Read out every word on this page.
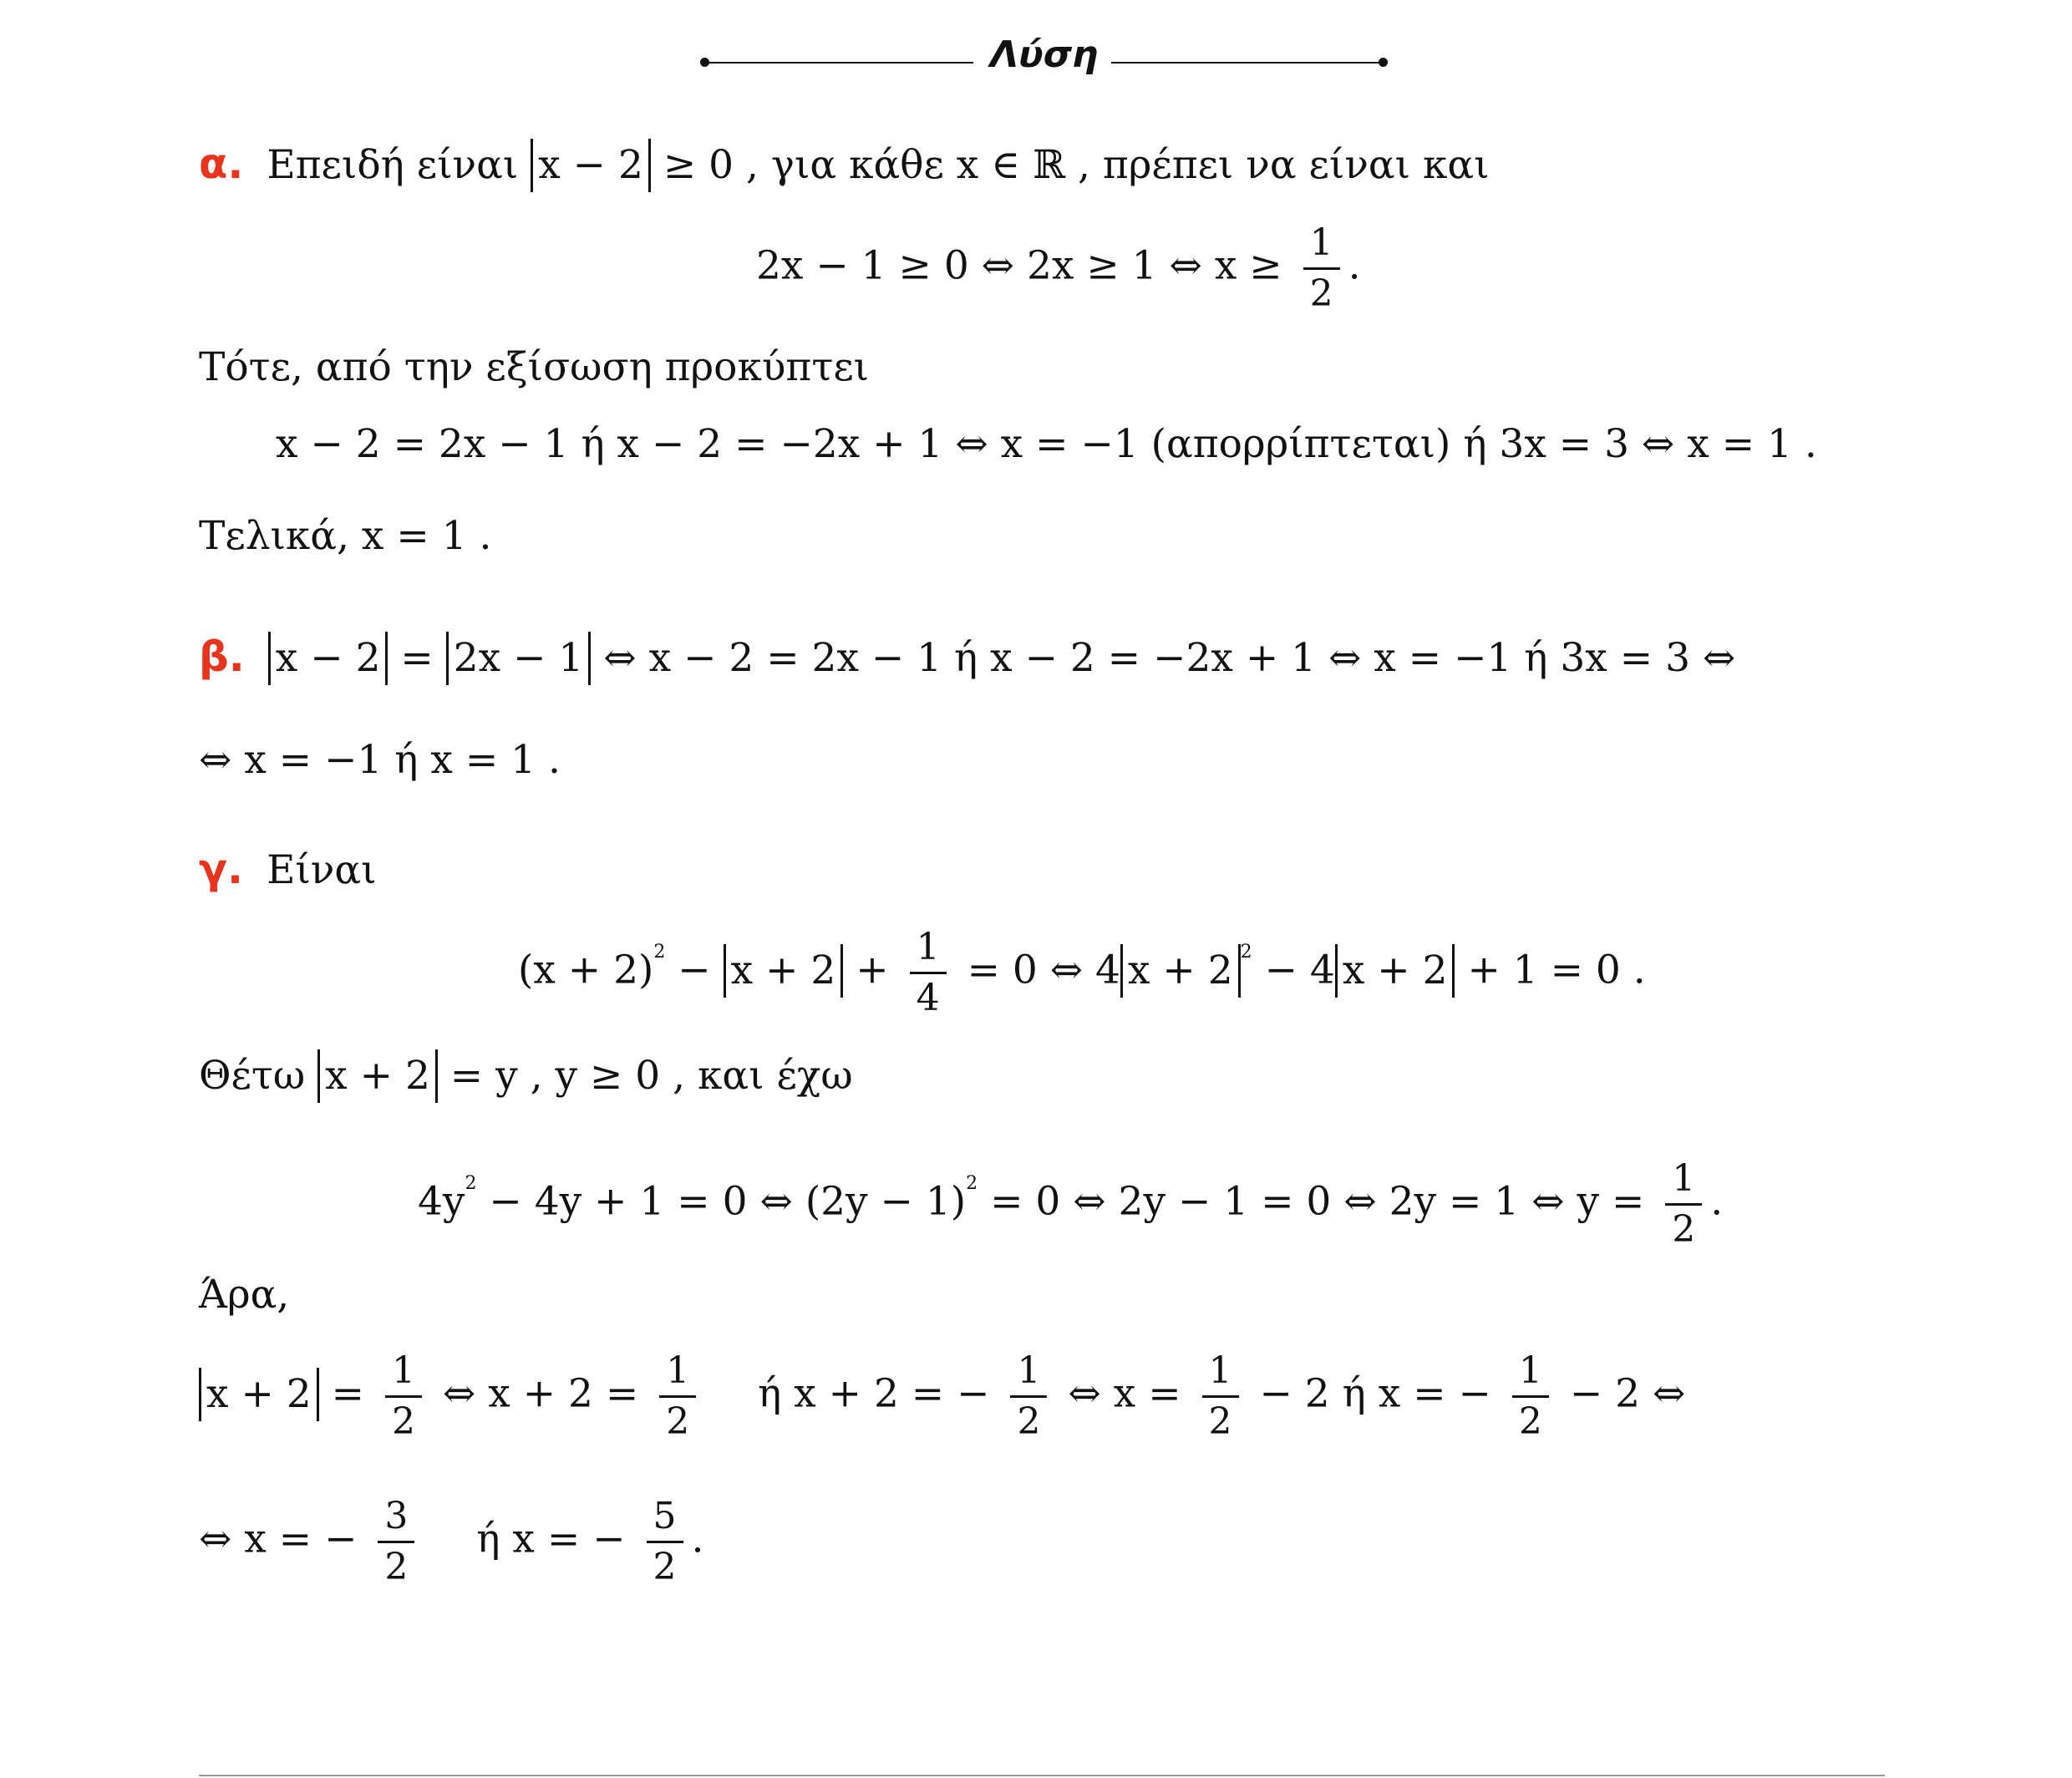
Λύση
α. Επειδή είναι x − 2 ≥ 0 , για κάθε x ∈ ℝ , πρέπει να είναι και
2x − 1 ≥ 0 ⇔ 2x ≥ 1 ⇔ $x \ge \frac{1}{2}$ .
Τότε, από την εξίσωση προκύπτει
x − 2 = 2x − 1 ή x − 2 = −2x + 1 ⇔ x = −1 (απορρίπτεται) ή 3x = 3 ⇔ x = 1 .
Τελικά, x = 1 .
β. x − 2 = 2x − 1 ⇔ x − 2 = 2x − 1 ή x − 2 = −2x + 1 ⇔ x = −1 ή 3x = 3 ⇔
⇔ x = −1 ή x = 1 .
γ. Είναι
$(x + 2)^2 - x + 2 + \frac{1}{4} = 0$ ⇔ 4 x + 2 $^2$ − 4 x + 2 + 1 = 0 .
Θέτω x + 2 = y , y ≥ 0 , και έχω
$4y^2 - 4y + 1 = 0$ ⇔ $(2y - 1)^2 = 0$ ⇔ 2y − 1 = 0 ⇔ 2y = 1 ⇔ $y = \frac{1}{2}$ .
Άρα,
$x + 2 = \frac{1}{2}$ ⇔ $x + 2 = \frac{1}{2}$ ή x + 2 = − $\frac{1}{2}$ ⇔ $x = \frac{1}{2} - 2$ ή x = − $\frac{1}{2} - 2$ ⇔
⇔ x = − $\frac{3}{2}$ ή x = − $\frac{5}{2}$ .
